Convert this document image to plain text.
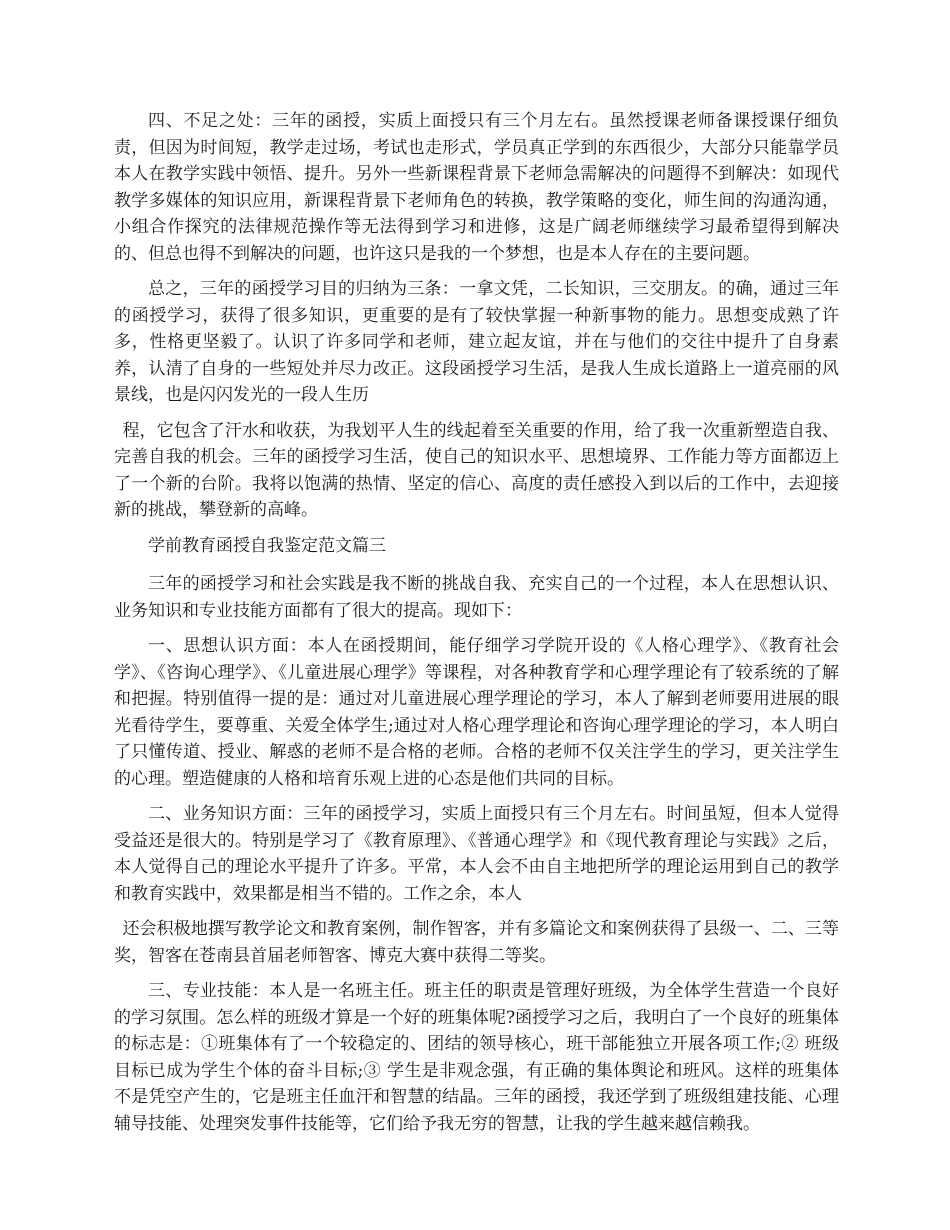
四、不足之处：三年的函授，实质上面授只有三个月左右。虽然授课老师备课授课仔细负责，但因为时间短，教学走过场，考试也走形式，学员真正学到的东西很少，大部分只能靠学员本人在教学实践中领悟、提升。另外一些新课程背景下老师急需解决的问题得不到解决：如现代教学多媒体的知识应用，新课程背景下老师角色的转换，教学策略的变化，师生间的沟通沟通，小组合作探究的法律规范操作等无法得到学习和进修，这是广阔老师继续学习最希望得到解决的、但总也得不到解决的问题，也许这只是我的一个梦想，也是本人存在的主要问题。

总之，三年的函授学习目的归纳为三条：一拿文凭，二长知识，三交朋友。的确，通过三年的函授学习，获得了很多知识，更重要的是有了较快掌握一种新事物的能力。思想变成熟了许多，性格更坚毅了。认识了许多同学和老师，建立起友谊，并在与他们的交往中提升了自身素养，认清了自身的一些短处并尽力改正。这段函授学习生活，是我人生成长道路上一道亮丽的风景线，也是闪闪发光的一段人生历

程，它包含了汗水和收获，为我划平人生的线起着至关重要的作用，给了我一次重新塑造自我、完善自我的机会。三年的函授学习生活，使自己的知识水平、思想境界、工作能力等方面都迈上了一个新的台阶。我将以饱满的热情、坚定的信心、高度的责任感投入到以后的工作中，去迎接新的挑战，攀登新的高峰。

学前教育函授自我鉴定范文篇三

三年的函授学习和社会实践是我不断的挑战自我、充实自己的一个过程，本人在思想认识、业务知识和专业技能方面都有了很大的提高。现如下：

一、思想认识方面：本人在函授期间，能仔细学习学院开设的《人格心理学》、《教育社会学》、《咨询心理学》、《儿童进展心理学》等课程，对各种教育学和心理学理论有了较系统的了解和把握。特别值得一提的是：通过对儿童进展心理学理论的学习，本人了解到老师要用进展的眼光看待学生，要尊重、关爱全体学生;通过对人格心理学理论和咨询心理学理论的学习，本人明白了只懂传道、授业、解惑的老师不是合格的老师。合格的老师不仅关注学生的学习，更关注学生的心理。塑造健康的人格和培育乐观上进的心态是他们共同的目标。

二、业务知识方面：三年的函授学习，实质上面授只有三个月左右。时间虽短，但本人觉得受益还是很大的。特别是学习了《教育原理》、《普通心理学》和《现代教育理论与实践》之后，本人觉得自己的理论水平提升了许多。平常，本人会不由自主地把所学的理论运用到自己的教学和教育实践中，效果都是相当不错的。工作之余，本人

还会积极地撰写教学论文和教育案例，制作智客，并有多篇论文和案例获得了县级一、二、三等奖，智客在苍南县首届老师智客、博克大赛中获得二等奖。

三、专业技能：本人是一名班主任。班主任的职责是管理好班级，为全体学生营造一个良好的学习氛围。怎么样的班级才算是一个好的班集体呢?函授学习之后，我明白了一个良好的班集体的标志是：①班集体有了一个较稳定的、团结的领导核心，班干部能独立开展各项工作;② 班级目标已成为学生个体的奋斗目标;③ 学生是非观念强，有正确的集体舆论和班风。这样的班集体不是凭空产生的，它是班主任血汗和智慧的结晶。三年的函授，我还学到了班级组建技能、心理辅导技能、处理突发事件技能等，它们给予我无穷的智慧，让我的学生越来越信赖我。
